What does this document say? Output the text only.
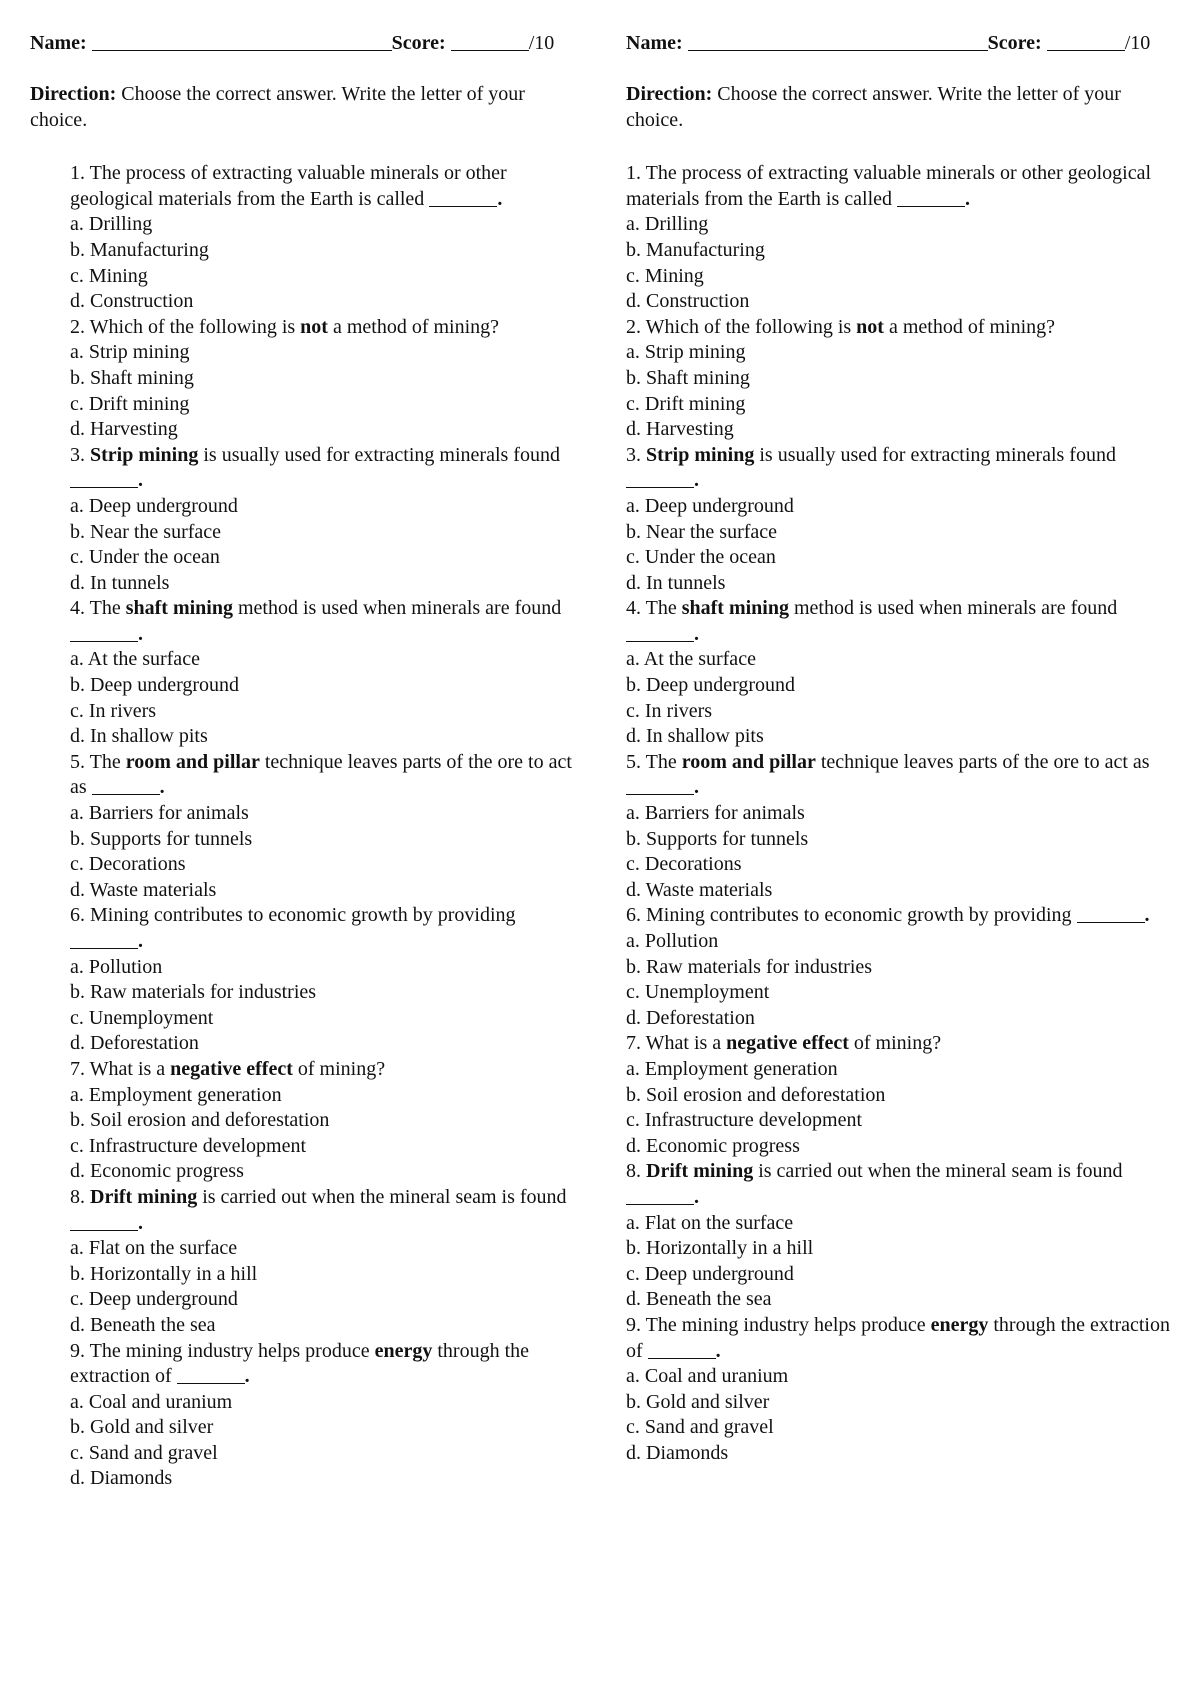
Name:	Score:	/10
Direction: Choose the correct answer. Write the letter of your choice.
1. The process of extracting valuable minerals or other geological materials from the Earth is called	.
a. Drilling
b. Manufacturing
c. Mining
d. Construction
2. Which of the following is not a method of mining?
a. Strip mining
b. Shaft mining
c. Drift mining
d. Harvesting
3. Strip mining is usually used for extracting minerals found .
a. Deep underground
b. Near the surface
c. Under the ocean
d. In tunnels
4. The shaft mining method is used when minerals are found .
a. At the surface
b. Deep underground
c. In rivers
d. In shallow pits
5. The room and pillar technique leaves parts of the ore to act as	.
a. Barriers for animals
b. Supports for tunnels
c. Decorations
d. Waste materials
6. Mining contributes to economic growth by providing .
a. Pollution
b. Raw materials for industries
c. Unemployment
d. Deforestation
7. What is a negative effect of mining?
a. Employment generation
b. Soil erosion and deforestation
c. Infrastructure development
d. Economic progress
8. Drift mining is carried out when the mineral seam is found .
a. Flat on the surface
b. Horizontally in a hill
c. Deep underground
d. Beneath the sea
9. The mining industry helps produce energy through the extraction of	.
a. Coal and uranium
b. Gold and silver
c. Sand and gravel
d. Diamonds
Name:	Score:	/10
Direction: Choose the correct answer. Write the letter of your choice.
1. The process of extracting valuable minerals or other geological materials from the Earth is called	.
a. Drilling
b. Manufacturing
c. Mining
d. Construction
2. Which of the following is not a method of mining?
a. Strip mining
b. Shaft mining
c. Drift mining
d. Harvesting
3. Strip mining is usually used for extracting minerals found .
a. Deep underground
b. Near the surface
c. Under the ocean
d. In tunnels
4. The shaft mining method is used when minerals are found .
a. At the surface
b. Deep underground
c. In rivers
d. In shallow pits
5. The room and pillar technique leaves parts of the ore to act as .
a. Barriers for animals
b. Supports for tunnels
c. Decorations
d. Waste materials
6. Mining contributes to economic growth by providing	.
a. Pollution
b. Raw materials for industries
c. Unemployment
d. Deforestation
7. What is a negative effect of mining?
a. Employment generation
b. Soil erosion and deforestation
c. Infrastructure development
d. Economic progress
8. Drift mining is carried out when the mineral seam is found .
a. Flat on the surface
b. Horizontally in a hill
c. Deep underground
d. Beneath the sea
9. The mining industry helps produce energy through the extraction of	.
a. Coal and uranium
b. Gold and silver
c. Sand and gravel
d. Diamonds
